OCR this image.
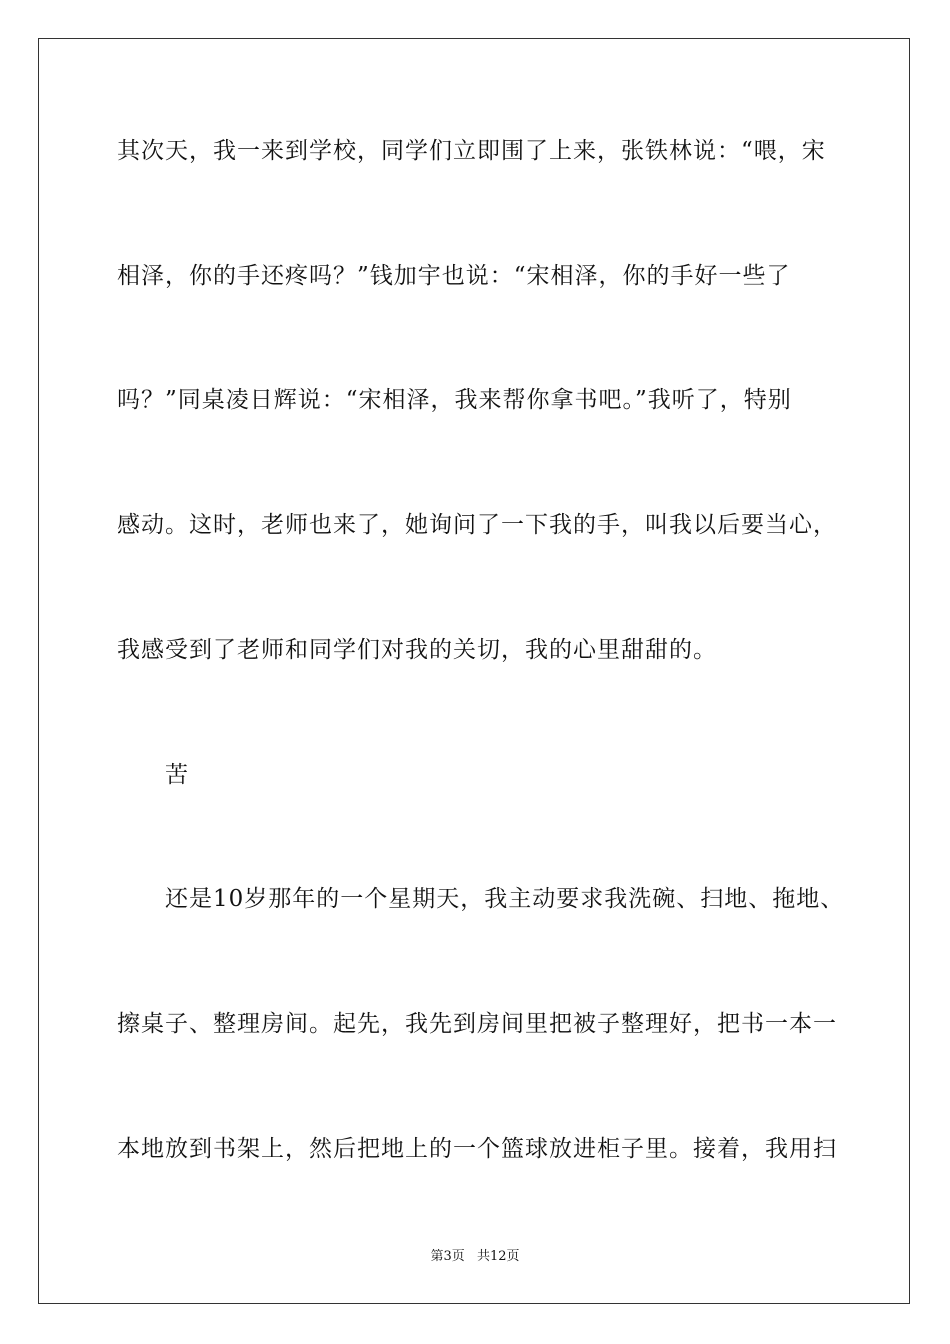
其次天，我一来到学校，同学们立即围了上来，张铁林说：“喂，宋
相泽，你的手还疼吗？”钱加宇也说：“宋相泽，你的手好一些了
吗？”同桌凌日辉说：“宋相泽，我来帮你拿书吧。”我听了，特别
感动。这时，老师也来了，她询问了一下我的手，叫我以后要当心，
我感受到了老师和同学们对我的关切，我的心里甜甜的。
苦
还是10岁那年的一个星期天，我主动要求我洗碗、扫地、拖地、
擦桌子、整理房间。起先，我先到房间里把被子整理好，把书一本一
本地放到书架上，然后把地上的一个篮球放进柜子里。接着，我用扫
第3页 共12页
